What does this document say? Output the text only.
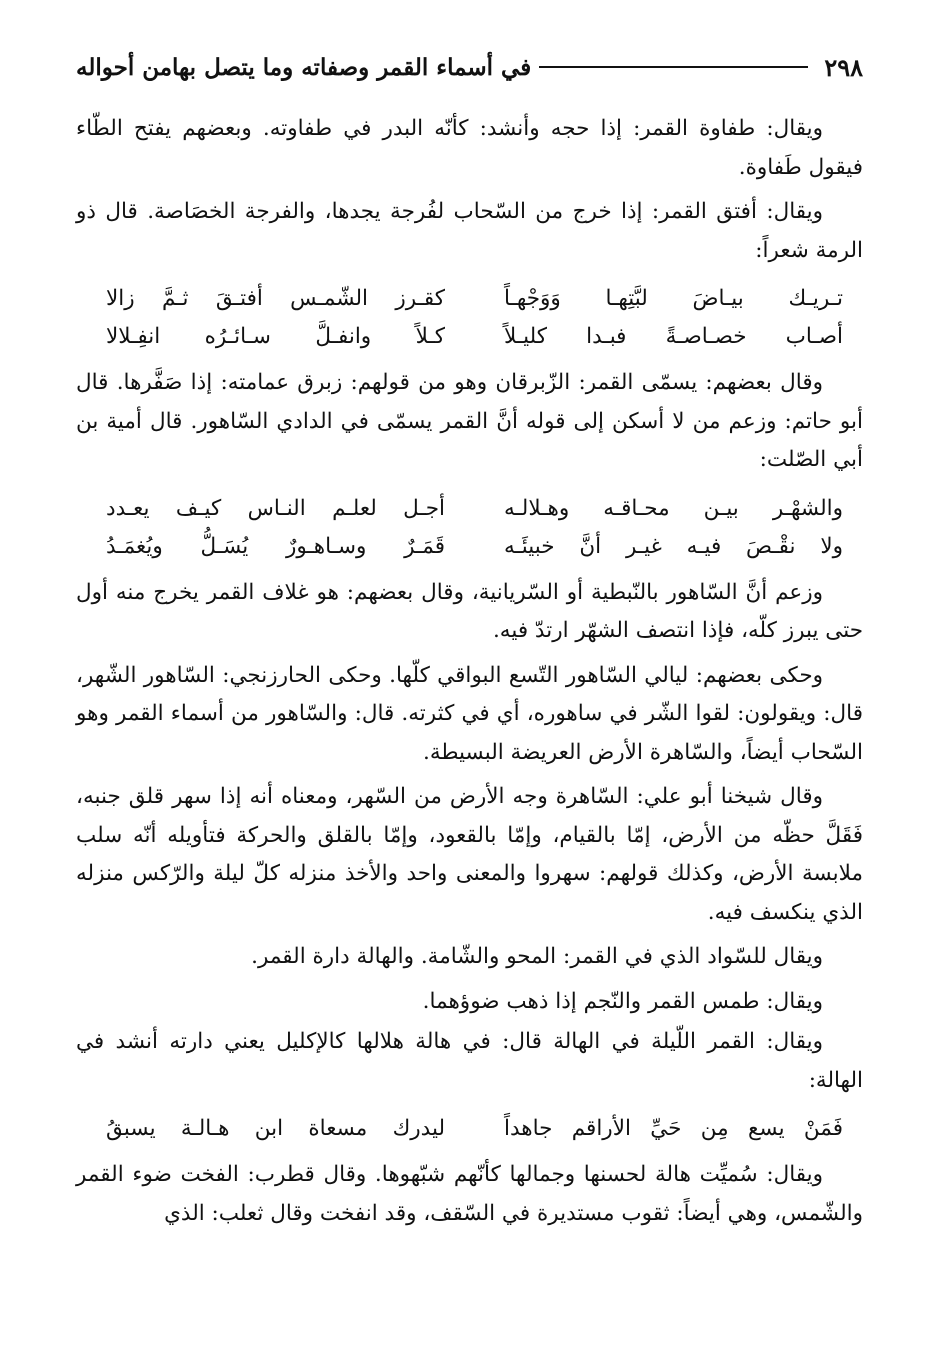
٢٩٨
في أسماء القمر وصفاته وما يتصل بهامن أحواله

ويقال: طفاوة القمر: إذا حجه وأنشد: كأنّه البدر في طفاوته. وبعضهم يفتح الطّاء فيقول طَفاوة.

ويقال: أفتق القمر: إذا خرج من السّحاب لفُرجة يجدها، والفرجة الخصَاصة. قال ذو الرمة شعراً:

تـريـك بيـاضَ لبَّتِهـا وَوَجْهـاً
كقـرز الشّمـس أفتـقَ ثـمَّ زالا
أصـاب خصـاصـةً فبـدا كليـلاً
كـلاً وانفـلَّ سـائـرُه انفِـلالا

وقال بعضهم: يسمّى القمر: الزّبرقان وهو من قولهم: زبرق عمامته: إذا صَفَّرها. قال أبو حاتم: وزعم من لا أسكن إلى قوله أنَّ القمر يسمّى في الدادي السّاهور. قال أمية بن أبي الصّلت:

والشهْـر بيـن محـاقـه وهـلالـه
أجـل لعلـم النـاس كيـف يعـدد
ولا نقْـصَ فيـه غيـر أنَّ خبيئَـه
قَمَـرٌ وسـاهـورٌ يُسَـلُّ ويُغمَـدُ

وزعم أنَّ السّاهور بالنّبطية أو السّريانية، وقال بعضهم: هو غلاف القمر يخرج منه أول حتى يبرز كلّه، فإذا انتصف الشهّر ارتدّ فيه.

وحكى بعضهم: ليالي السّاهور التّسع البواقي كلّها. وحكى الحارزنجي: السّاهور الشّهر، قال: ويقولون: لقوا الشّر في ساهوره، أي في كثرته. قال: والسّاهور من أسماء القمر وهو السّحاب أيضاً، والسّاهرة الأرض العريضة البسيطة.

وقال شيخنا أبو علي: السّاهرة وجه الأرض من السّهر، ومعناه أنه إذا سهر قلق جنبه، فَقَلَّ حظّه من الأرض، إمّا بالقيام، وإمّا بالقعود، وإمّا بالقلق والحركة فتأويله أنّه سلب ملابسة الأرض، وكذلك قولهم: سهروا والمعنى واحد والأخذ منزله كلّ ليلة والرّكس منزله الذي ينكسف فيه.

ويقال للسّواد الذي في القمر: المحو والشّامة. والهالة دارة القمر.

ويقال: طمس القمر والنّجم إذا ذهب ضوؤهما.

ويقال: القمر اللّيلة في الهالة قال: في هالة هلالها كالإكليل يعني دارته أنشد في الهالة:

فَمَنْ يسع مِن حَيِّ الأراقم جاهداً
ليدرك مسعاة ابن هـالـة يسبقُ

ويقال: سُميِّت هالة لحسنها وجمالها كأنّهم شبّهوها. وقال قطرب: الفخت ضوء القمر والشّمس، وهي أيضاً: ثقوب مستديرة في السّقف، وقد انفخت وقال ثعلب: الذي
